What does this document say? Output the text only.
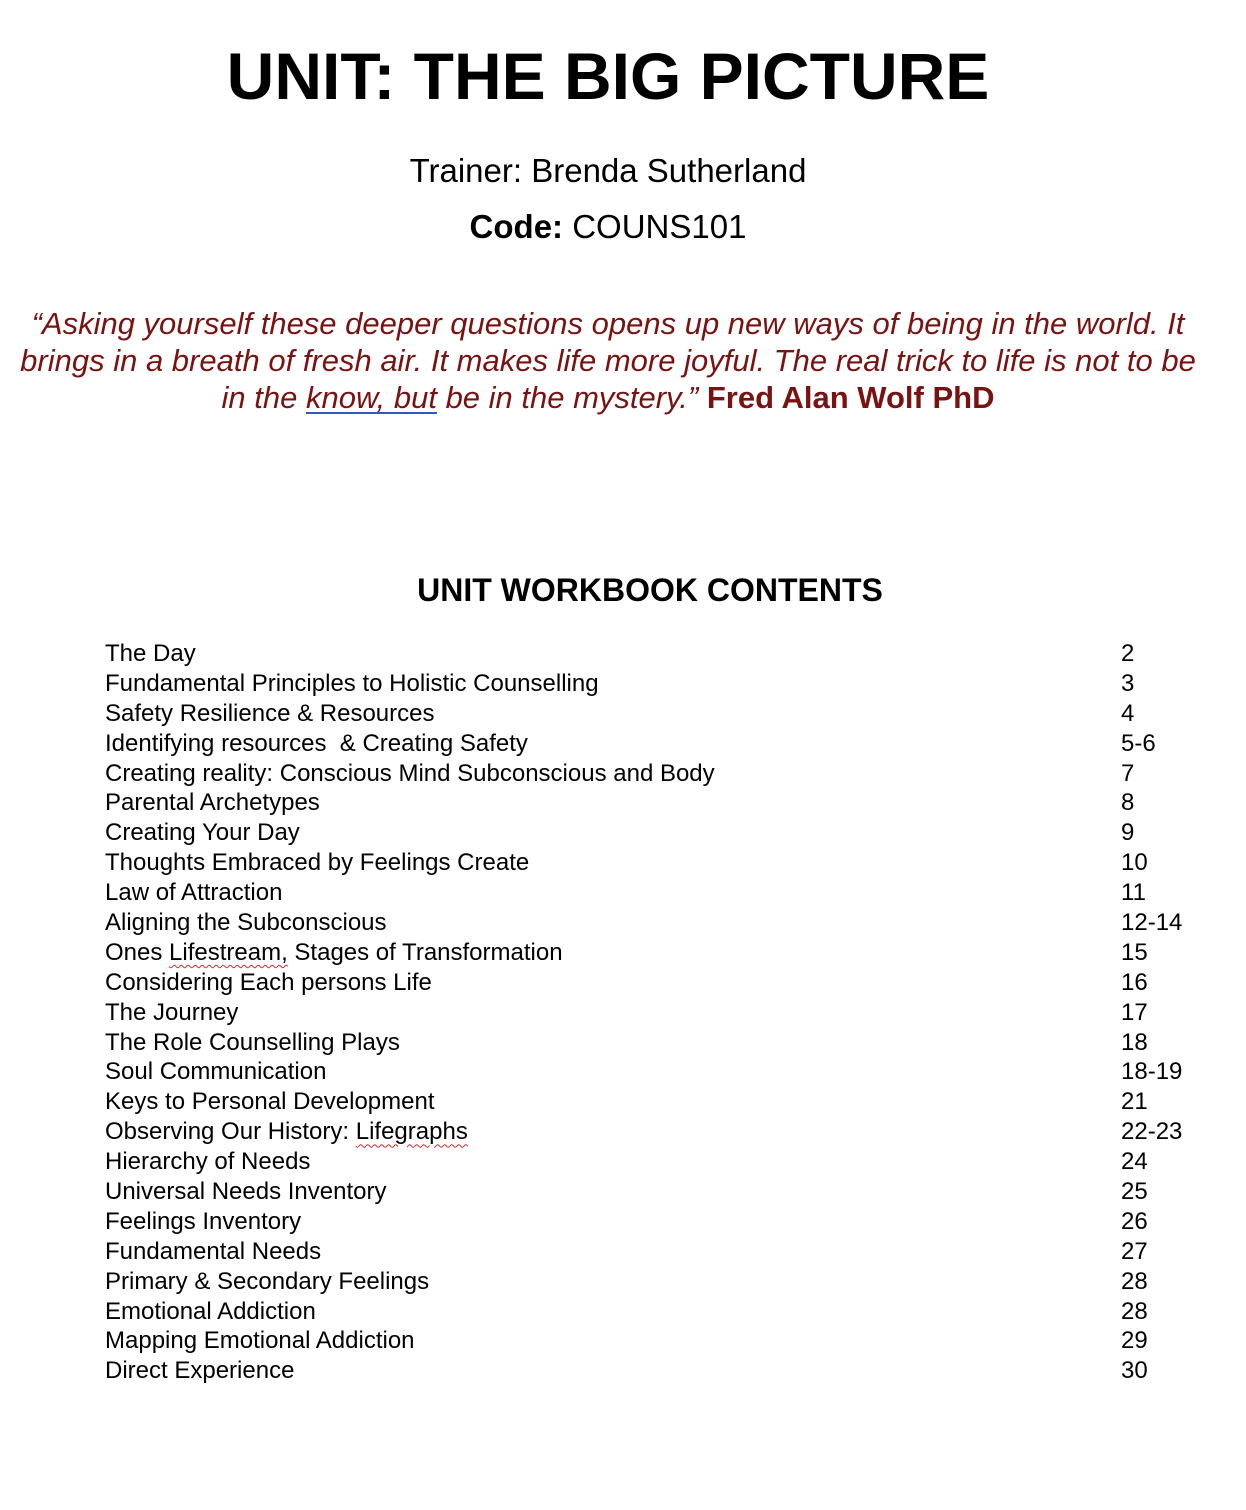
UNIT: THE BIG PICTURE
Trainer: Brenda Sutherland
Code: COUNS101
“Asking yourself these deeper questions opens up new ways of being in the world. It brings in a breath of fresh air. It makes life more joyful. The real trick to life is not to be in the know, but be in the mystery.” Fred Alan Wolf PhD
UNIT WORKBOOK CONTENTS
The Day	2
Fundamental Principles to Holistic Counselling	3
Safety Resilience & Resources	4
Identifying resources  & Creating Safety	5-6
Creating reality: Conscious Mind Subconscious and Body	7
Parental Archetypes	8
Creating Your Day	9
Thoughts Embraced by Feelings Create	10
Law of Attraction	11
Aligning the Subconscious	12-14
Ones Lifestream, Stages of Transformation	15
Considering Each persons Life	16
The Journey	17
The Role Counselling Plays	18
Soul Communication	18-19
Keys to Personal Development	21
Observing Our History: Lifegraphs	22-23
Hierarchy of Needs	24
Universal Needs Inventory	25
Feelings Inventory	26
Fundamental Needs	27
Primary & Secondary Feelings	28
Emotional Addiction	28
Mapping Emotional Addiction	29
Direct Experience	30
